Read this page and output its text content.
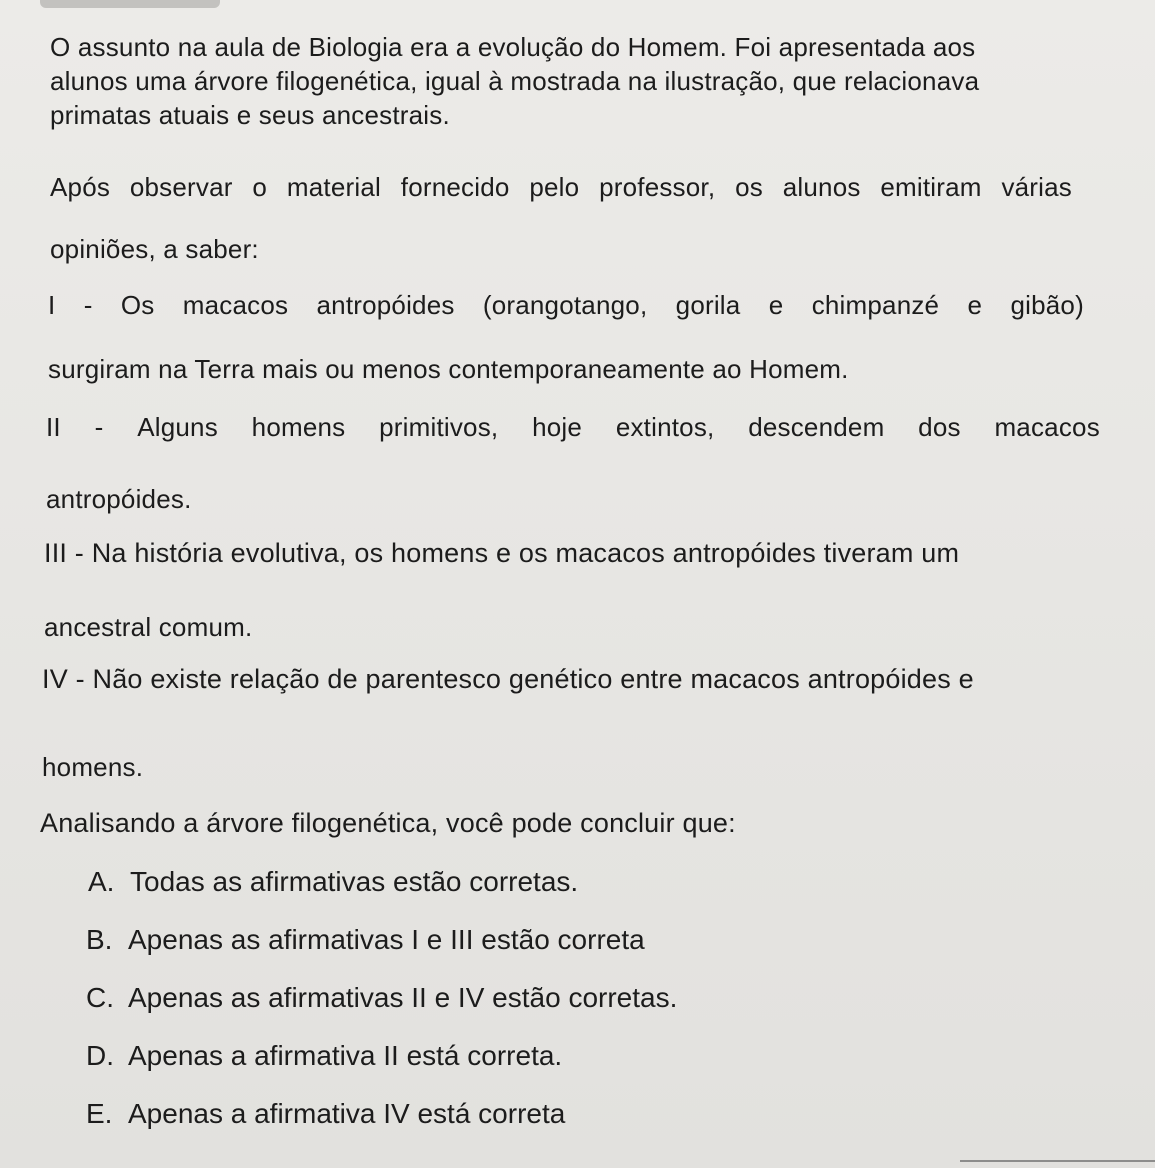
O assunto na aula de Biologia era a evolução do Homem. Foi apresentada aos
alunos uma árvore filogenética, igual à mostrada na ilustração, que relacionava
primatas atuais e seus ancestrais.
Após observar o material fornecido pelo professor, os alunos emitiram várias
opiniões, a saber:
I - Os macacos antropóides (orangotango, gorila e chimpanzé e gibão)
surgiram na Terra mais ou menos contemporaneamente ao Homem.
II - Alguns homens primitivos, hoje extintos, descendem dos macacos
antropóides.
III - Na história evolutiva, os homens e os macacos antropóides tiveram um
ancestral comum.
IV - Não existe relação de parentesco genético entre macacos antropóides e
homens.
Analisando a árvore filogenética, você pode concluir que:
A. Todas as afirmativas estão corretas.
B. Apenas as afirmativas I e III estão correta
C. Apenas as afirmativas II e IV estão corretas.
D. Apenas a afirmativa II está correta.
E. Apenas a afirmativa IV está correta
